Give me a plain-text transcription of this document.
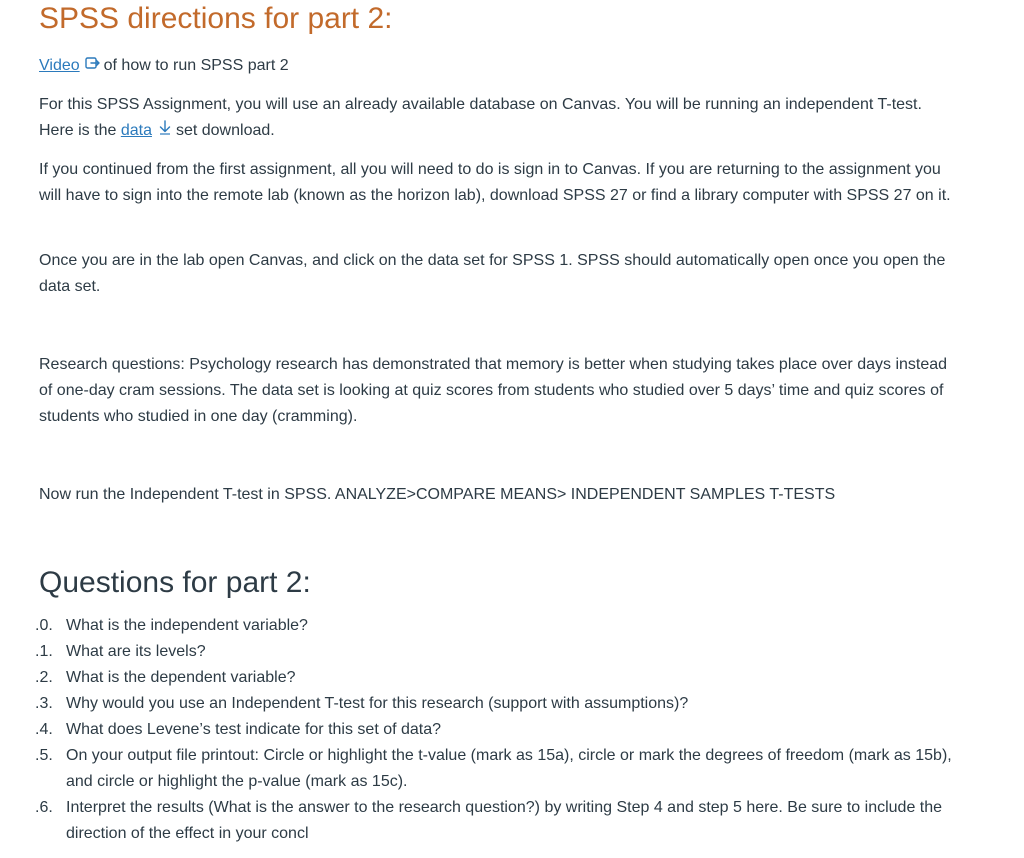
SPSS directions for part 2:

Video of how to run SPSS part 2

For this SPSS Assignment, you will use an already available database on Canvas. You will be running an independent T-test. Here is the data set download.

If you continued from the first assignment, all you will need to do is sign in to Canvas. If you are returning to the assignment you will have to sign into the remote lab (known as the horizon lab), download SPSS 27 or find a library computer with SPSS 27 on it.

Once you are in the lab open Canvas, and click on the data set for SPSS 1. SPSS should automatically open once you open the data set.

Research questions: Psychology research has demonstrated that memory is better when studying takes place over days instead of one-day cram sessions. The data set is looking at quiz scores from students who studied over 5 days’ time and quiz scores of students who studied in one day (cramming).

Now run the Independent T-test in SPSS. ANALYZE>COMPARE MEANS> INDEPENDENT SAMPLES T-TESTS

Questions for part 2:
.0. What is the independent variable?
.1. What are its levels?
.2. What is the dependent variable?
.3. Why would you use an Independent T-test for this research (support with assumptions)?
.4. What does Levene’s test indicate for this set of data?
.5. On your output file printout: Circle or highlight the t-value (mark as 15a), circle or mark the degrees of freedom (mark as 15b), and circle or highlight the p-value (mark as 15c).
.6. Interpret the results (What is the answer to the research question?) by writing Step 4 and step 5 here. Be sure to include the direction of the effect in your concl
